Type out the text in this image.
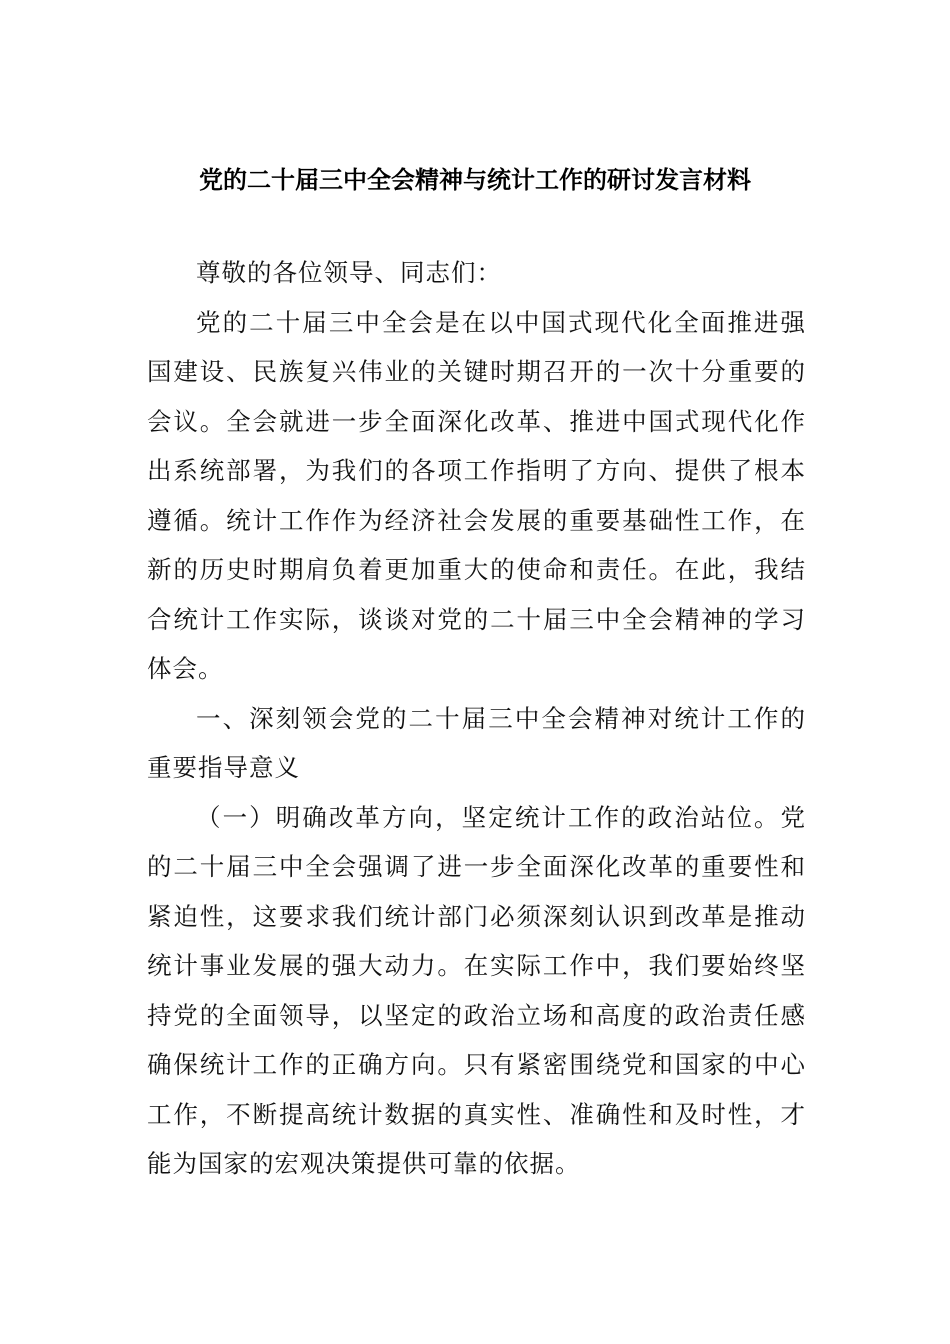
党的二十届三中全会精神与统计工作的研讨发言材料

尊敬的各位领导、同志们：

党的二十届三中全会是在以中国式现代化全面推进强国建设、民族复兴伟业的关键时期召开的一次十分重要的会议。全会就进一步全面深化改革、推进中国式现代化作出系统部署，为我们的各项工作指明了方向、提供了根本遵循。统计工作作为经济社会发展的重要基础性工作，在新的历史时期肩负着更加重大的使命和责任。在此，我结合统计工作实际，谈谈对党的二十届三中全会精神的学习体会。

一、深刻领会党的二十届三中全会精神对统计工作的重要指导意义

（一）明确改革方向，坚定统计工作的政治站位。党的二十届三中全会强调了进一步全面深化改革的重要性和紧迫性，这要求我们统计部门必须深刻认识到改革是推动统计事业发展的强大动力。在实际工作中，我们要始终坚持党的全面领导，以坚定的政治立场和高度的政治责任感确保统计工作的正确方向。只有紧密围绕党和国家的中心工作，不断提高统计数据的真实性、准确性和及时性，才能为国家的宏观决策提供可靠的依据。
